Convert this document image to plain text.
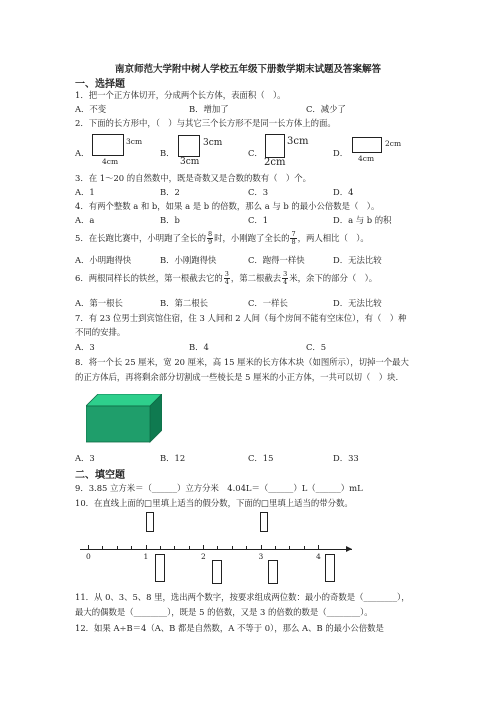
南京师范大学附中树人学校五年级下册数学期末试题及答案解答
一、选择题
1．把一个正方体切开，分成两个长方体，表面积（　）。
A．不变	B．增加了	C．减少了
2．下面的长方形中，（　）与其它三个长方形不是同一长方体上的面。
A．
3cm
4cm
B．
3cm
3cm
C．
3cm
2cm
D．
2cm
4cm
3．在 1～20 的自然数中，既是奇数又是合数的数有（　）个。
A．1	B．2	C．3	D．4
4．有两个整数 a 和 b，如果 a 是 b 的倍数，那么 a 与 b 的最小公倍数是（　）。
A．a	B．b	C．1	D．a 与 b 的积
5．在长跑比赛中，小明跑了全长的 $\frac{8}{9}$ 时，小刚跑了全长的 $\frac{7}{8}$ ，两人相比（　）。
A．小明跑得快	B．小刚跑得快	C．跑得一样快	D．无法比较
6．两根同样长的铁丝，第一根截去它的 $\frac{3}{4}$ ，第二根截去 $\frac{3}{4}$ 米，余下的部分（　）。
A．第一根长	B．第二根长	C．一样长	D．无法比较
7．有 23 位男士到宾馆住宿，住 3 人间和 2 人间（每个房间不能有空床位），有（　）种
不同的安排。
A．3	B．4	C．5
8．将一个长 25 厘米，宽 20 厘米，高 15 厘米的长方体木块（如图所示），切掉一个最大
的正方体后，再将剩余部分切割成一些棱长是 5 厘米的小正方体，一共可以切（　）块.
A．3	B．12	C．15	D．33
二、填空题
9．3.85 立方米＝（______）立方分米　4.04L＝（______）L（______）mL
10．在直线上面的□里填上适当的假分数，下面的□里填上适当的带分数。
0	1	2	3	4
11．从 0、3、5、8 里，选出两个数字，按要求组成两位数：最小的奇数是（________），
最大的偶数是（________），既是 5 的倍数，又是 3 的倍数的数是（________）。
12．如果 A÷B＝4（A、B 都是自然数，A 不等于 0），那么 A、B 的最小公倍数是
